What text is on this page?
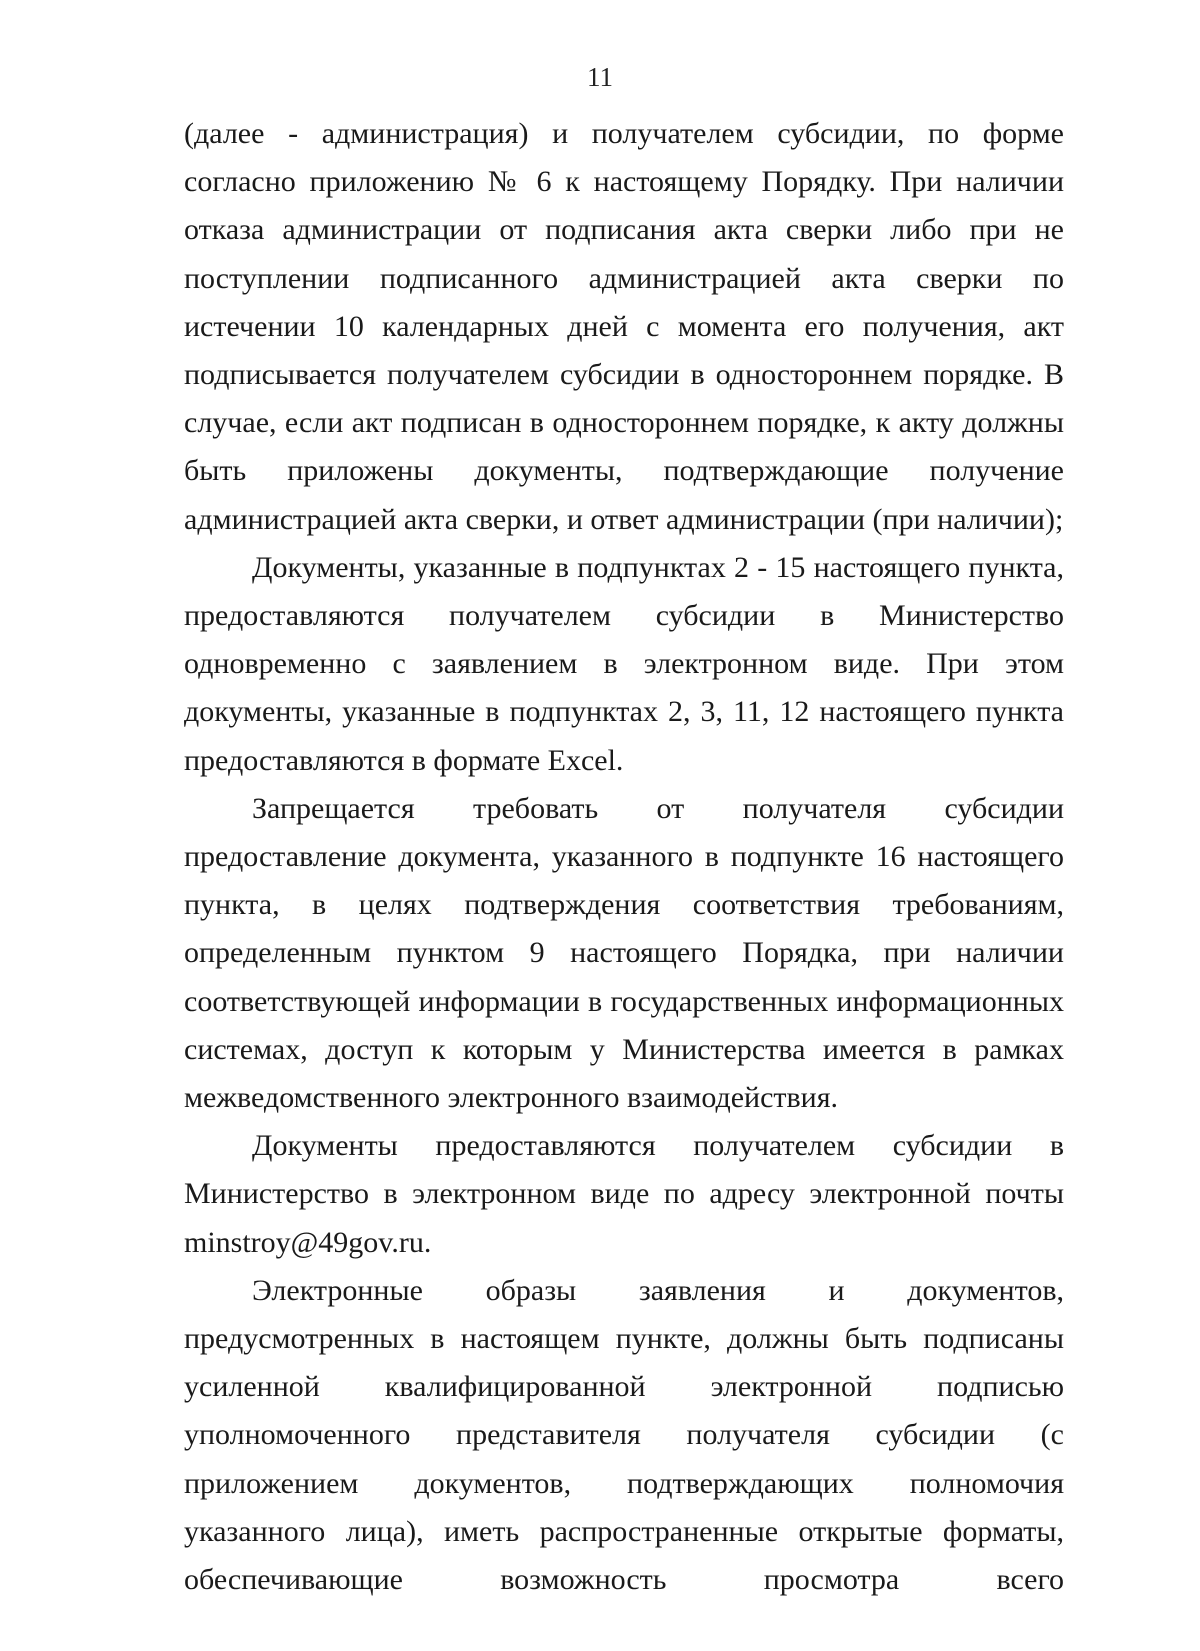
11

(далее - администрация) и получателем субсидии, по форме согласно приложению № 6 к настоящему Порядку. При наличии отказа администрации от подписания акта сверки либо при не поступлении подписанного администрацией акта сверки по истечении 10 календарных дней с момента его получения, акт подписывается получателем субсидии в одностороннем порядке. В случае, если акт подписан в одностороннем порядке, к акту должны быть приложены документы, подтверждающие получение администрацией акта сверки, и ответ администрации (при наличии);

Документы, указанные в подпунктах 2 - 15 настоящего пункта, предоставляются получателем субсидии в Министерство одновременно с заявлением в электронном виде. При этом документы, указанные в подпунктах 2, 3, 11, 12 настоящего пункта предоставляются в формате Excel.

Запрещается требовать от получателя субсидии предоставление документа, указанного в подпункте 16 настоящего пункта, в целях подтверждения соответствия требованиям, определенным пунктом 9 настоящего Порядка, при наличии соответствующей информации в государственных информационных системах, доступ к которым у Министерства имеется в рамках межведомственного электронного взаимодействия.

Документы предоставляются получателем субсидии в Министерство в электронном виде по адресу электронной почты minstroy@49gov.ru.

Электронные образы заявления и документов, предусмотренных в настоящем пункте, должны быть подписаны усиленной квалифицированной электронной подписью уполномоченного представителя получателя субсидии (с приложением документов, подтверждающих полномочия указанного лица), иметь распространенные открытые форматы, обеспечивающие возможность просмотра всего
